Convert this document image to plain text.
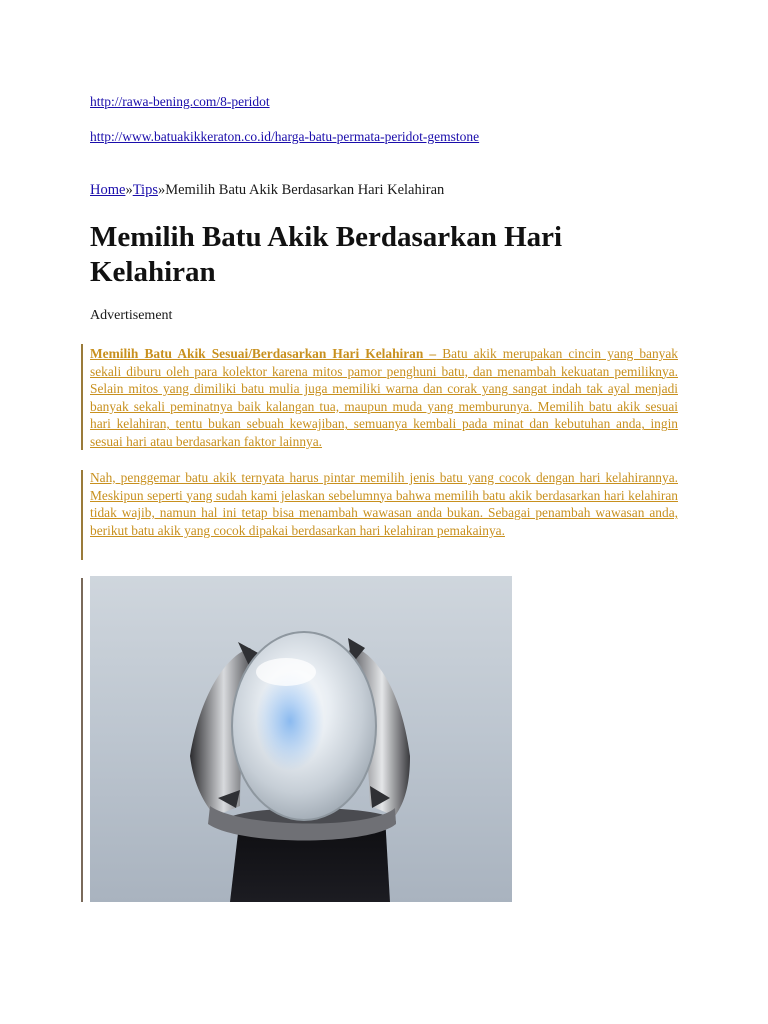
http://rawa-bening.com/8-peridot
http://www.batuakikkeraton.co.id/harga-batu-permata-peridot-gemstone
Home»Tips»Memilih Batu Akik Berdasarkan Hari Kelahiran
Memilih Batu Akik Berdasarkan Hari Kelahiran
Advertisement

Memilih Batu Akik Sesuai/Berdasarkan Hari Kelahiran – Batu akik merupakan cincin yang banyak sekali diburu oleh para kolektor karena mitos pamor penghuni batu, dan menambah kekuatan pemiliknya. Selain mitos yang dimiliki batu mulia juga memiliki warna dan corak yang sangat indah tak ayal menjadi banyak sekali peminatnya baik kalangan tua, maupun muda yang memburunya. Memilih batu akik sesuai hari kelahiran, tentu bukan sebuah kewajiban, semuanya kembali pada minat dan kebutuhan anda, ingin sesuai hari atau berdasarkan faktor lainnya.

Nah, penggemar batu akik ternyata harus pintar memilih jenis batu yang cocok dengan hari kelahirannya. Meskipun seperti yang sudah kami jelaskan sebelumnya bahwa memilih batu akik berdasarkan hari kelahiran tidak wajib, namun hal ini tetap bisa menambah wawasan anda bukan. Sebagai penambah wawasan anda, berikut batu akik yang cocok dipakai berdasarkan hari kelahiran pemakainya.
